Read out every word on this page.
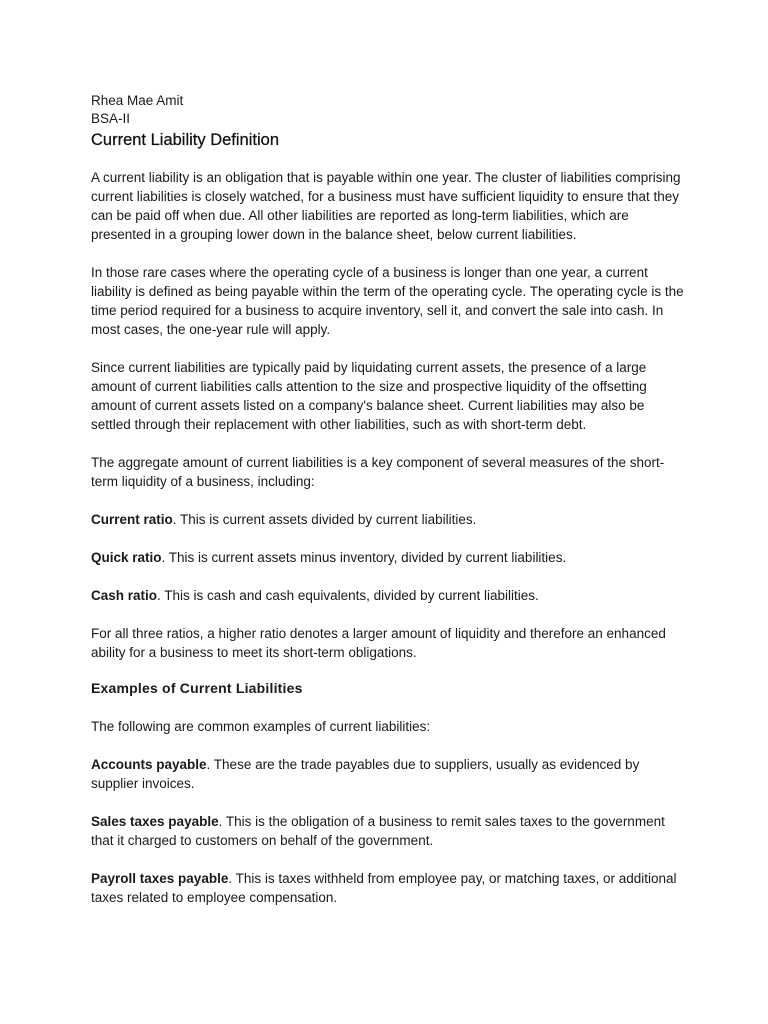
Rhea Mae Amit
BSA-II
Current Liability Definition

A current liability is an obligation that is payable within one year. The cluster of liabilities comprising current liabilities is closely watched, for a business must have sufficient liquidity to ensure that they can be paid off when due. All other liabilities are reported as long-term liabilities, which are presented in a grouping lower down in the balance sheet, below current liabilities.

In those rare cases where the operating cycle of a business is longer than one year, a current liability is defined as being payable within the term of the operating cycle. The operating cycle is the time period required for a business to acquire inventory, sell it, and convert the sale into cash. In most cases, the one-year rule will apply.

Since current liabilities are typically paid by liquidating current assets, the presence of a large amount of current liabilities calls attention to the size and prospective liquidity of the offsetting amount of current assets listed on a company's balance sheet. Current liabilities may also be settled through their replacement with other liabilities, such as with short-term debt.

The aggregate amount of current liabilities is a key component of several measures of the short-term liquidity of a business, including:

Current ratio. This is current assets divided by current liabilities.

Quick ratio. This is current assets minus inventory, divided by current liabilities.

Cash ratio. This is cash and cash equivalents, divided by current liabilities.

For all three ratios, a higher ratio denotes a larger amount of liquidity and therefore an enhanced ability for a business to meet its short-term obligations.

Examples of Current Liabilities

The following are common examples of current liabilities:

Accounts payable. These are the trade payables due to suppliers, usually as evidenced by supplier invoices.

Sales taxes payable. This is the obligation of a business to remit sales taxes to the government that it charged to customers on behalf of the government.

Payroll taxes payable. This is taxes withheld from employee pay, or matching taxes, or additional taxes related to employee compensation.
